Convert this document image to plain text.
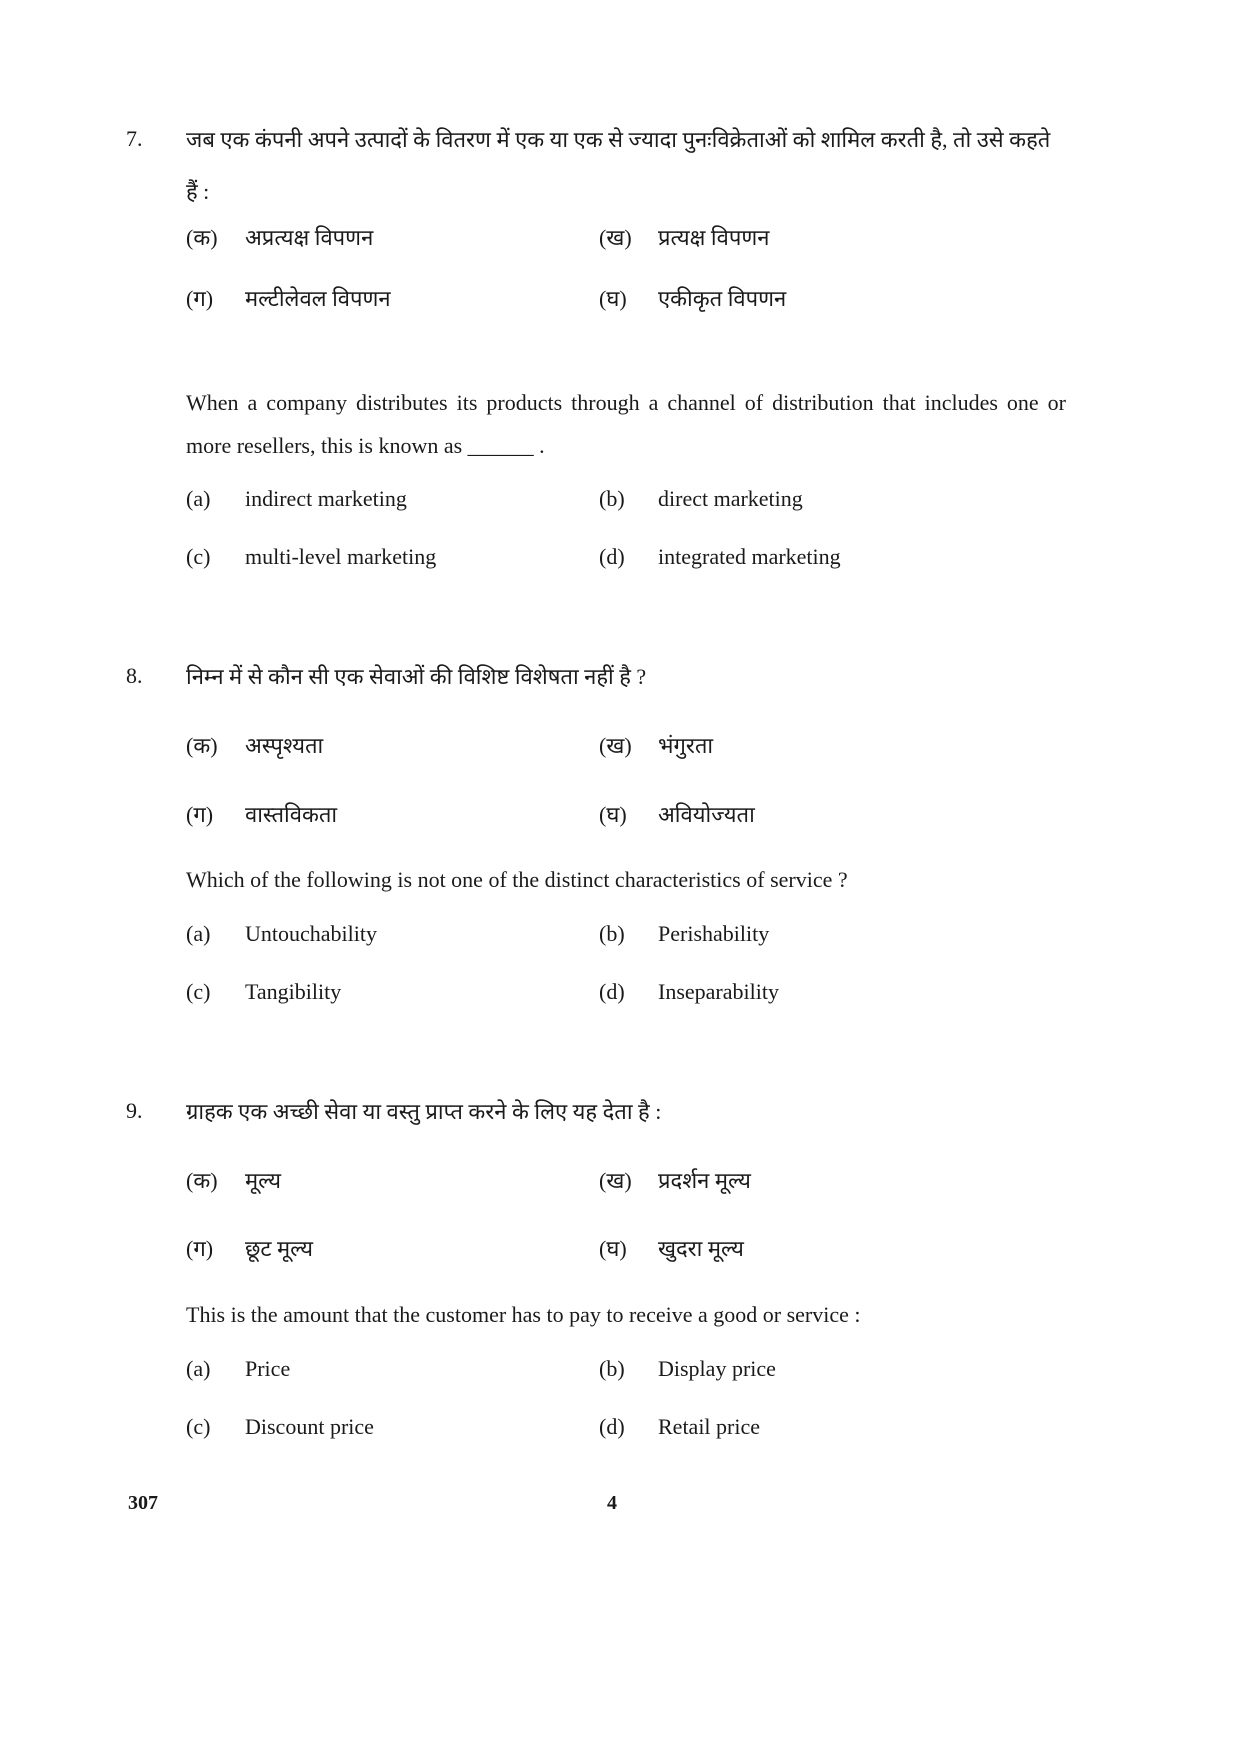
7. जब एक कंपनी अपने उत्पादों के वितरण में एक या एक से ज्यादा पुनःविक्रेताओं को शामिल करती है, तो उसे कहते हैं :
(क) अप्रत्यक्ष विपणन	(ख) प्रत्यक्ष विपणन
(ग) मल्टीलेवल विपणन	(घ) एकीकृत विपणन
When a company distributes its products through a channel of distribution that includes one or more resellers, this is known as ______ .
(a) indirect marketing	(b) direct marketing
(c) multi-level marketing	(d) integrated marketing
8. निम्न में से कौन सी एक सेवाओं की विशिष्ट विशेषता नहीं है ?
(क) अस्पृश्यता	(ख) भंगुरता
(ग) वास्तविकता	(घ) अवियोज्यता
Which of the following is not one of the distinct characteristics of service ?
(a) Untouchability	(b) Perishability
(c) Tangibility	(d) Inseparability
9. ग्राहक एक अच्छी सेवा या वस्तु प्राप्त करने के लिए यह देता है :
(क) मूल्य	(ख) प्रदर्शन मूल्य
(ग) छूट मूल्य	(घ) खुदरा मूल्य
This is the amount that the customer has to pay to receive a good or service :
(a) Price	(b) Display price
(c) Discount price	(d) Retail price
307	4
